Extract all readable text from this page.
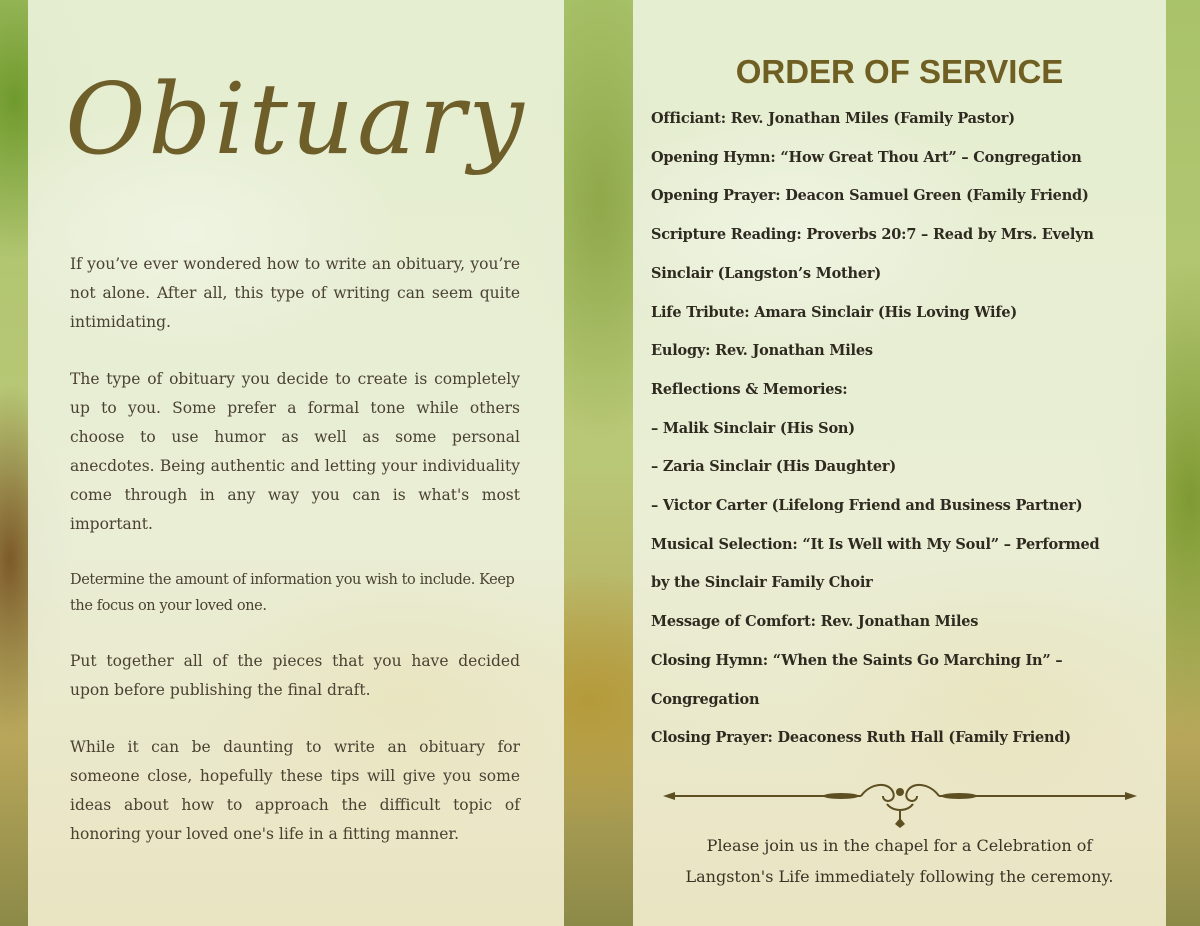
Obituary

If you’ve ever wondered how to write an obituary, you’re not alone. After all, this type of writing can seem quite intimidating.

The type of obituary you decide to create is completely up to you. Some prefer a formal tone while others choose to use humor as well as some personal anecdotes. Being authentic and letting your individuality come through in any way you can is what's most important.

Determine the amount of information you wish to include. Keep the focus on your loved one.

Put together all of the pieces that you have decided upon before publishing the final draft.

While it can be daunting to write an obituary for someone close, hopefully these tips will give you some ideas about how to approach the difficult topic of honoring your loved one's life in a fitting manner.

ORDER OF SERVICE
Officiant: Rev. Jonathan Miles (Family Pastor)
Opening Hymn: “How Great Thou Art” – Congregation
Opening Prayer: Deacon Samuel Green (Family Friend)
Scripture Reading: Proverbs 20:7 – Read by Mrs. Evelyn
Sinclair (Langston’s Mother)
Life Tribute: Amara Sinclair (His Loving Wife)
Eulogy: Rev. Jonathan Miles
Reflections & Memories:
– Malik Sinclair (His Son)
– Zaria Sinclair (His Daughter)
– Victor Carter (Lifelong Friend and Business Partner)
Musical Selection: “It Is Well with My Soul” – Performed
by the Sinclair Family Choir
Message of Comfort: Rev. Jonathan Miles
Closing Hymn: “When the Saints Go Marching In” –
Congregation
Closing Prayer: Deaconess Ruth Hall (Family Friend)
Please join us in the chapel for a Celebration of
Langston's Life immediately following the ceremony.
